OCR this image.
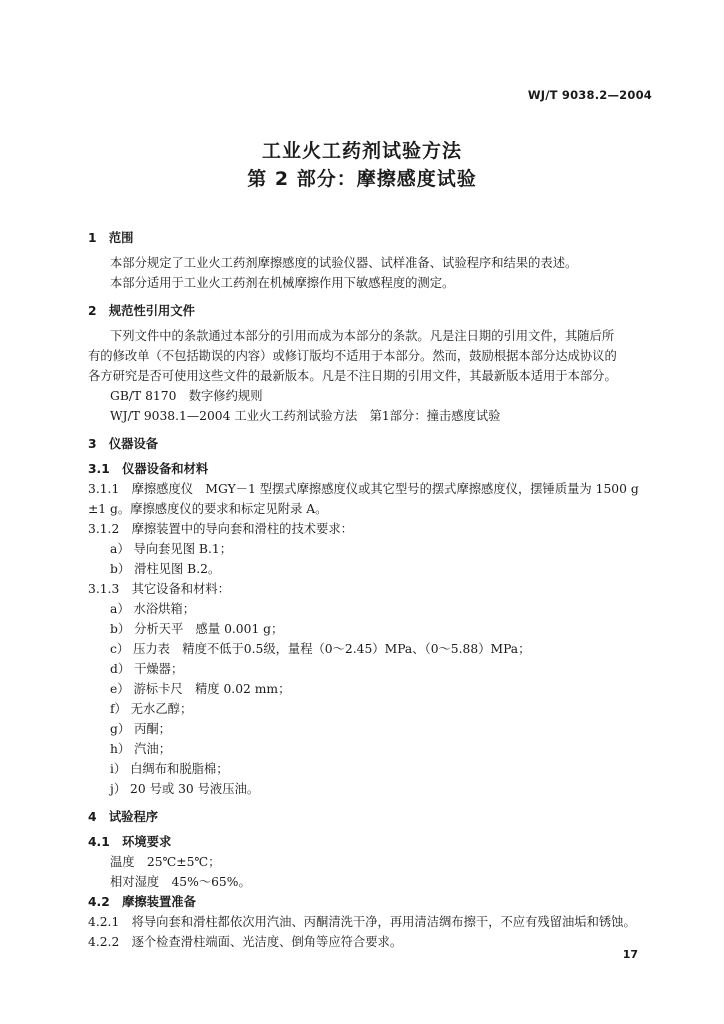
WJ/T 9038.2—2004
工业火工药剂试验方法
第 2 部分：摩擦感度试验
1　范围
本部分规定了工业火工药剂摩擦感度的试验仪器、试样准备、试验程序和结果的表述。
本部分适用于工业火工药剂在机械摩擦作用下敏感程度的测定。
2　规范性引用文件
下列文件中的条款通过本部分的引用而成为本部分的条款。凡是注日期的引用文件，其随后所
有的修改单（不包括勘误的内容）或修订版均不适用于本部分。然而，鼓励根据本部分达成协议的
各方研究是否可使用这些文件的最新版本。凡是不注日期的引用文件，其最新版本适用于本部分。
GB/T 8170　数字修约规则
WJ/T 9038.1—2004 工业火工药剂试验方法　第1部分：撞击感度试验
3　仪器设备
3.1　仪器设备和材料
3.1.1　摩擦感度仪　MGY－1 型摆式摩擦感度仪或其它型号的摆式摩擦感度仪，摆锤质量为 1500 g
±1 g。摩擦感度仪的要求和标定见附录 A。
3.1.2　摩擦装置中的导向套和滑柱的技术要求：
a） 导向套见图 B.1；
b） 滑柱见图 B.2。
3.1.3　其它设备和材料：
a） 水浴烘箱；
b） 分析天平　感量 0.001 g；
c） 压力表　精度不低于0.5级，量程（0～2.45）MPa、（0～5.88）MPa；
d） 干燥器；
e） 游标卡尺　精度 0.02 mm；
f） 无水乙醇；
g） 丙酮；
h） 汽油；
i） 白绸布和脱脂棉；
j） 20 号或 30 号液压油。
4　试验程序
4.1　环境要求
温度　25℃±5℃；
相对湿度　45%～65%。
4.2　摩擦装置准备
4.2.1　将导向套和滑柱都依次用汽油、丙酮清洗干净，再用清洁绸布擦干，不应有残留油垢和锈蚀。
4.2.2　逐个检查滑柱端面、光洁度、倒角等应符合要求。
17
